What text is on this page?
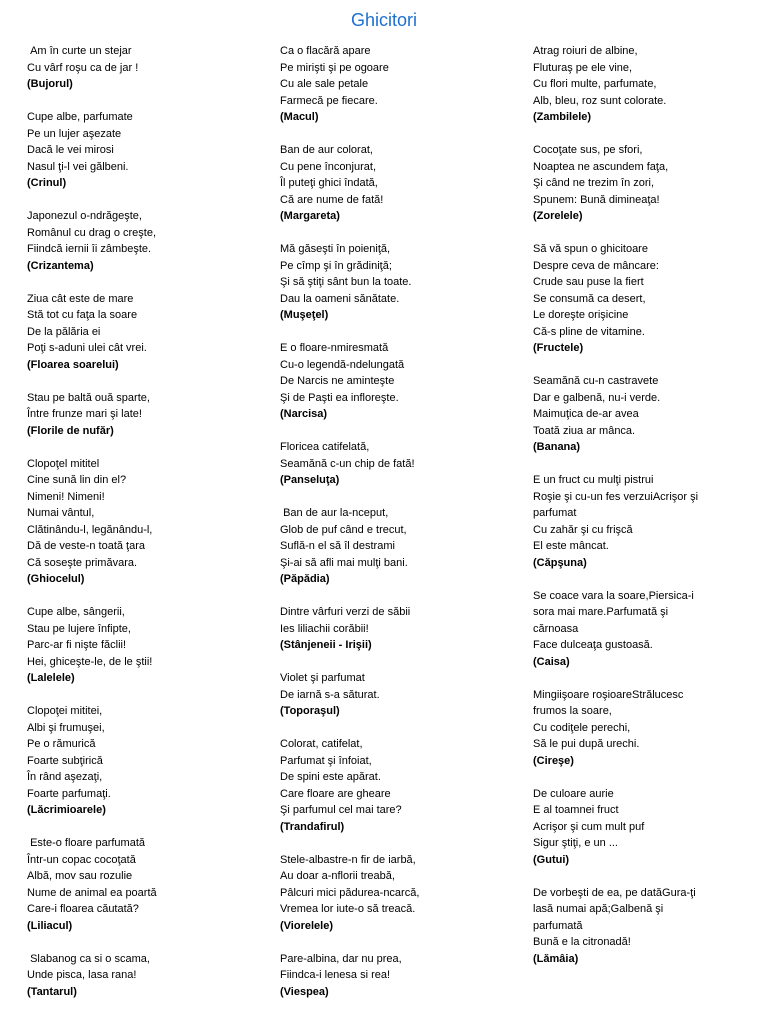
Ghicitori
Am în curte un stejar
Cu vârf roşu ca de jar !
(Bujorul)
Cupe albe, parfumate
Pe un lujer aşezate
Dacă le vei mirosi
Nasul ţi-l vei gălbeni.
(Crinul)
Japonezul o-ndrăgeşte,
Românul cu drag o creşte,
Fiindcă iernii îi zâmbeşte.
(Crizantema)
Ziua cât este de mare
Stă tot cu faţa la soare
De la pălăria ei
Poţi s-aduni ulei cât vrei.
(Floarea soarelui)
Stau pe baltă ouă sparte,
Între frunze mari şi late!
(Florile de nufăr)
Clopoţel mititel
Cine sună lin din el?
Nimeni! Nimeni!
Numai vântul,
Clătinându-l, legănându-l,
Dă de veste-n toată ţara
Că soseşte primăvara.
(Ghiocelul)
Cupe albe, sângerii,
Stau pe lujere înfipte,
Parc-ar fi nişte făclii!
Hei, ghiceşte-le, de le ştii!
(Lalelele)
Clopoţei mititei,
Albi şi frumuşei,
Pe o rămurică
Foarte subţirică
În rând aşezaţi,
Foarte parfumaţi.
(Lăcrimioarele)
Este-o floare parfumată
Într-un copac cocoţată
Albă, mov sau rozulie
Nume de animal ea poartă
Care-i floarea căutată?
(Liliacul)
Slabanog ca si o scama,
Unde pisca, lasa rana!
(Tantarul)
Ca o flacără apare
Pe mirişti şi pe ogoare
Cu ale sale petale
Farmecă pe fiecare.
(Macul)
Ban de aur colorat,
Cu pene înconjurat,
Îl puteţi ghici îndată,
Că are nume de fată!
(Margareta)
Mă găseşti în poieniţă,
Pe cîmp şi în grădiniţă;
Şi să ştiţi sânt bun la toate.
Dau la oameni sănătate.
(Muşeţel)
E o floare-nmiresmată
Cu-o legendă-ndelungată
De Narcis ne aminteşte
Şi de Paşti ea infloreşte.
(Narcisa)
Floricea catifelată,
Seamănă c-un chip de fată!
(Panseluţa)
Ban de aur la-nceput,
Glob de puf când e trecut,
Suflă-n el să îl destrami
Şi-ai să afli mai mulţi bani.
(Păpădia)
Dintre vârfuri verzi de săbii
Ies liliachii corăbii!
(Stânjeneii - Irişii)
Violet şi parfumat
De iarnă s-a săturat.
(Toporaşul)
Colorat, catifelat,
Parfumat şi înfoiat,
De spini este apărat.
Care floare are gheare
Şi parfumul cel mai tare?
(Trandafirul)
Stele-albastre-n fir de iarbă,
Au doar a-nflorii treabă,
Pâlcuri mici pădurea-ncarcă,
Vremea lor iute-o să treacă.
(Viorelele)
Pare-albina, dar nu prea,
Fiindca-i lenesa si rea!
(Viespea)
Atrag roiuri de albine,
Fluturaş pe ele vine,
Cu flori multe, parfumate,
Alb, bleu, roz sunt colorate.
(Zambilele)
Cocoţate sus, pe sfori,
Noaptea ne ascundem faţa,
Şi când ne trezim în zori,
Spunem: Bună dimineaţa!
(Zorelele)
Să vă spun o ghicitoare
Despre ceva de mâncare:
Crude sau puse la fiert
Se consumă ca desert,
Le doreşte orişicine
Că-s pline de vitamine.
(Fructele)
Seamănă cu-n castravete
Dar e galbenă, nu-i verde.
Maimuţica de-ar avea
Toată ziua ar mânca.
(Banana)
E un fruct cu mulţi pistrui
Roşie şi cu-un fes verzuiAcrişor şi
parfumat
Cu zahăr şi cu frişcă
El este mâncat.
(Căpşuna)
Se coace vara la soare,Piersica-i
sora mai mare.Parfumată şi
cărnoasa
Face dulceaţa gustoasă.
(Caisa)
Mingiişoare roşioareStrălucesc
frumos la soare,
Cu codiţele perechi,
Să le pui după urechi.
(Cireşe)
De culoare aurie
E al toamnei fruct
Acrişor şi cum mult puf
Sigur ştiţi, e un ...
(Gutui)
De vorbeşti de ea, pe datăGura-ţi
lasă numai apă;Galbenă şi
parfumată
Bună e la citronadă!
(Lămâia)
